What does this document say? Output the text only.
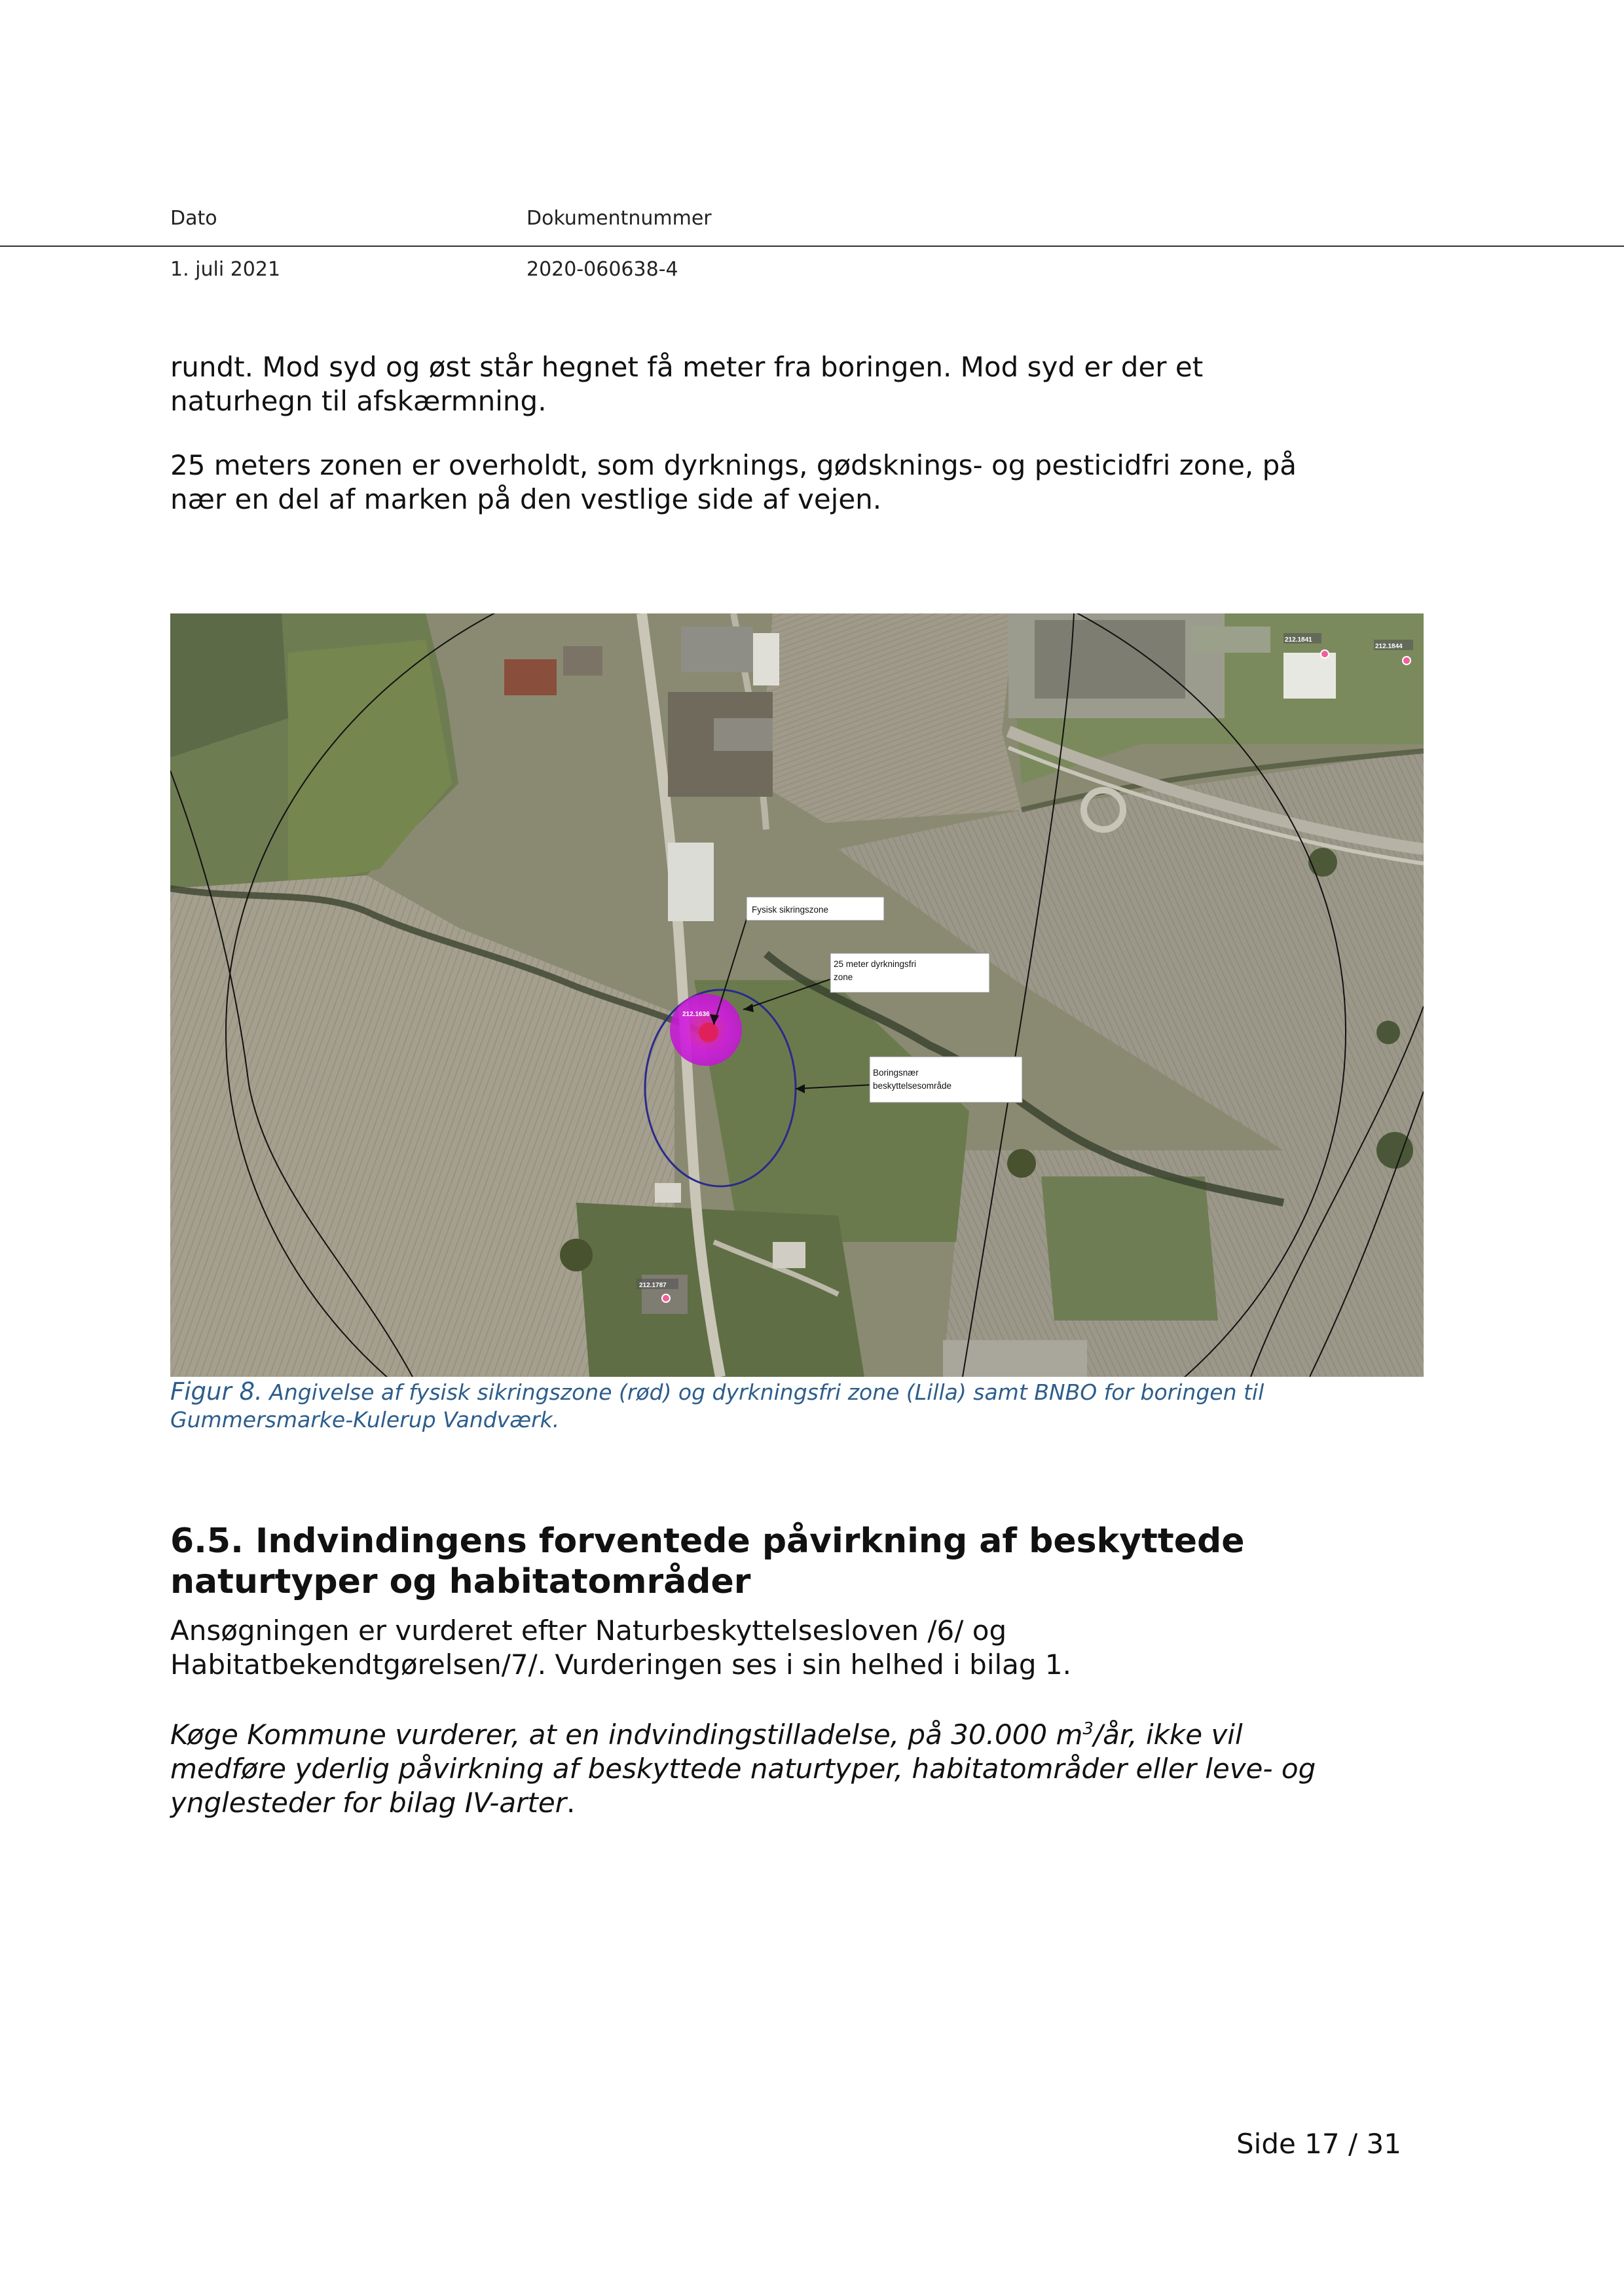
Dato	Dokumentnummer
1. juli 2021	2020-060638-4
rundt. Mod syd og øst står hegnet få meter fra boringen. Mod syd er der et
naturhegn til afskærmning.
25 meters zonen er overholdt, som dyrknings, gødsknings- og pesticidfri zone, på
nær en del af marken på den vestlige side af vejen.
212.1636
212.1841
212.1844
212.1787
Fysisk sikringszone
25 meter dyrkningsfri
zone
Boringsnær
beskyttelsesområde
Figur 8. Angivelse af fysisk sikringszone (rød) og dyrkningsfri zone (Lilla) samt BNBO for boringen til
Gummersmarke-Kulerup Vandværk.
6.5. Indvindingens forventede påvirkning af beskyttede
naturtyper og habitatområder
Ansøgningen er vurderet efter Naturbeskyttelsesloven /6/ og
Habitatbekendtgørelsen/7/. Vurderingen ses i sin helhed i bilag 1.
Køge Kommune vurderer, at en indvindingstilladelse, på 30.000 $m^3/år$, ikke vil
medføre yderlig påvirkning af beskyttede naturtyper, habitatområder eller leve- og
ynglesteder for bilag IV-arter.
Side 17 / 31
